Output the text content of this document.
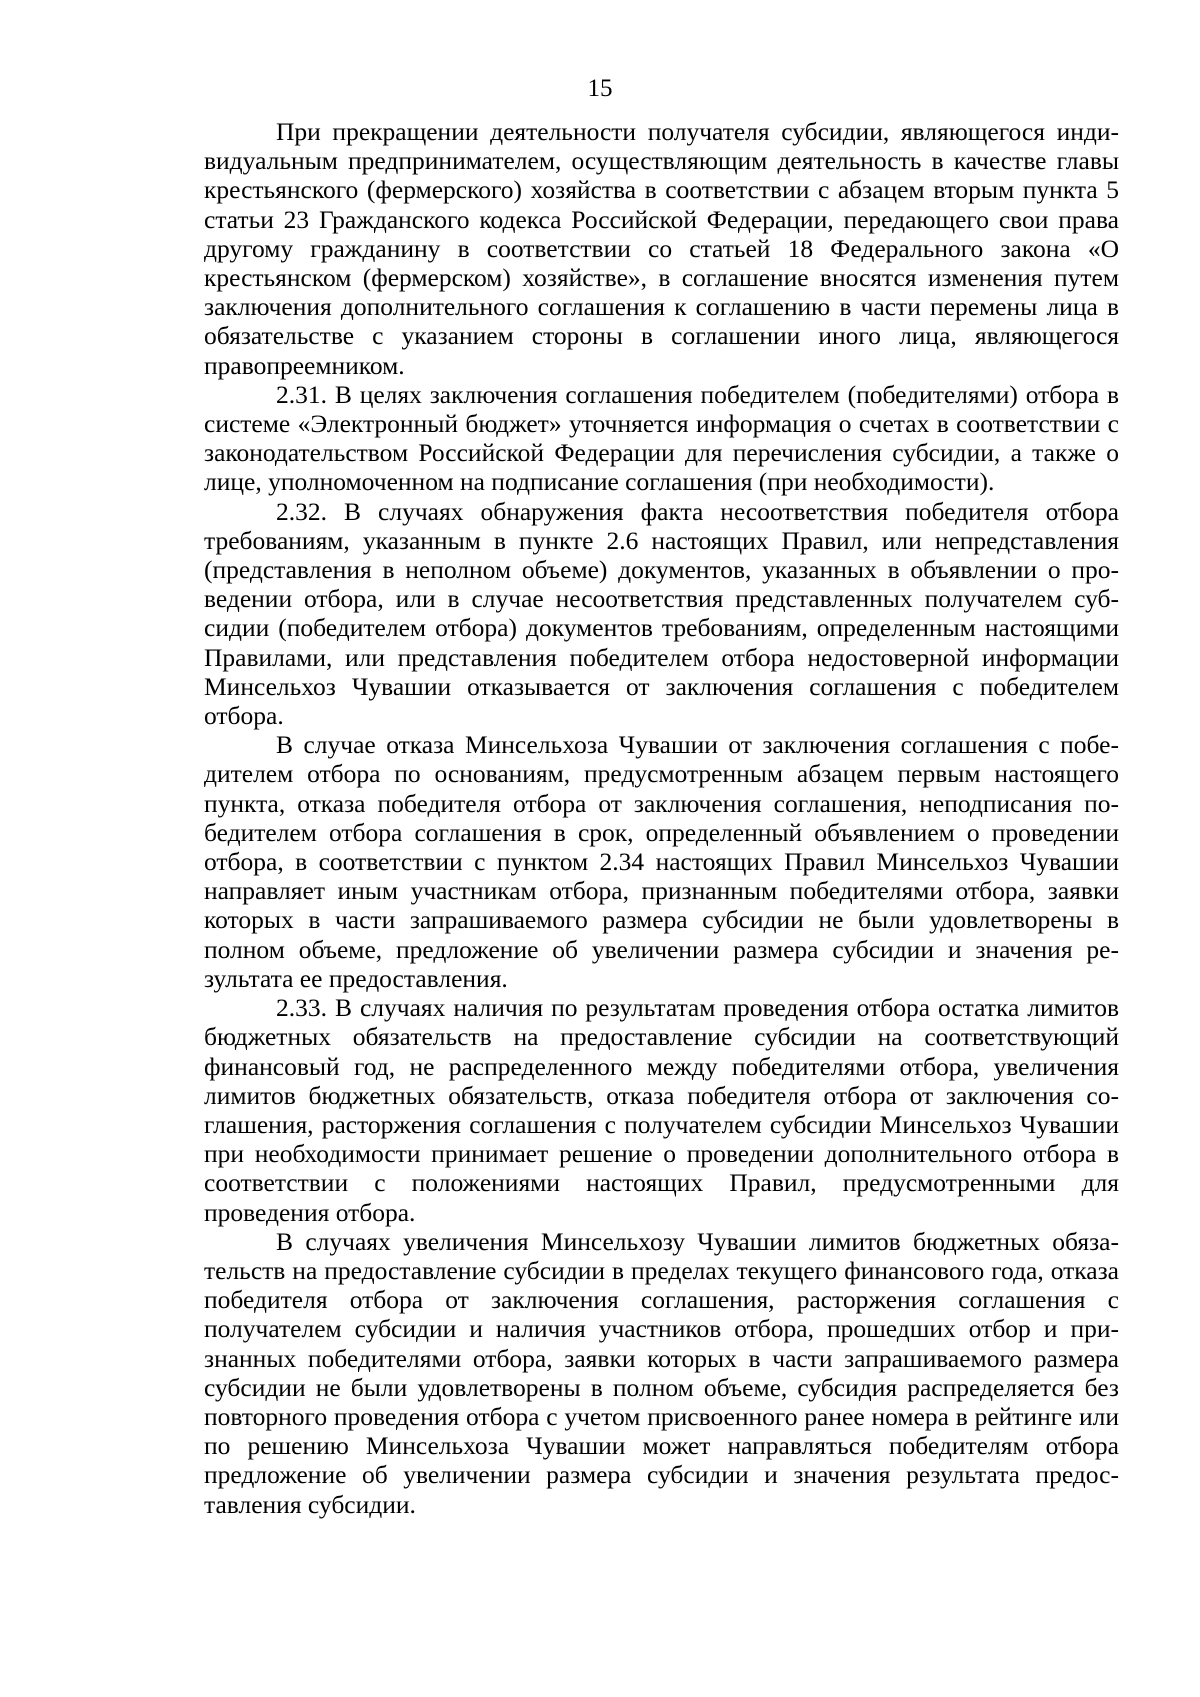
15

При прекращении деятельности получателя субсидии, являющегося индивидуальным предпринимателем, осуществляющим деятельность в качестве главы крестьянского (фермерского) хозяйства в соответствии с абзацем вторым пункта 5 статьи 23 Гражданского кодекса Российской Федерации, передающего свои права другому гражданину в соответствии со статьей 18 Федерального закона «О крестьянском (фермерском) хозяйстве», в соглашение вносятся изменения путем заключения дополнительного соглашения к соглашению в части перемены лица в обязательстве с указанием стороны в соглашении иного лица, являющегося правопреемником.

2.31. В целях заключения соглашения победителем (победителями) отбора в системе «Электронный бюджет» уточняется информация о счетах в соответствии с законодательством Российской Федерации для перечисления субсидии, а также о лице, уполномоченном на подписание соглашения (при необходимости).

2.32. В случаях обнаружения факта несоответствия победителя отбора требованиям, указанным в пункте 2.6 настоящих Правил, или непредставления (представления в неполном объеме) документов, указанных в объявлении о проведении отбора, или в случае несоответствия представленных получателем субсидии (победителем отбора) документов требованиям, определенным настоящими Правилами, или представления победителем отбора недостоверной информации Минсельхоз Чувашии отказывается от заключения соглашения с победителем отбора.

В случае отказа Минсельхоза Чувашии от заключения соглашения с победителем отбора по основаниям, предусмотренным абзацем первым настоящего пункта, отказа победителя отбора от заключения соглашения, неподписания победителем отбора соглашения в срок, определенный объявлением о проведении отбора, в соответствии с пунктом 2.34 настоящих Правил Минсельхоз Чувашии направляет иным участникам отбора, признанным победителями отбора, заявки которых в части запрашиваемого размера субсидии не были удовлетворены в полном объеме, предложение об увеличении размера субсидии и значения результата ее предоставления.

2.33. В случаях наличия по результатам проведения отбора остатка лимитов бюджетных обязательств на предоставление субсидии на соответствующий финансовый год, не распределенного между победителями отбора, увеличения лимитов бюджетных обязательств, отказа победителя отбора от заключения соглашения, расторжения соглашения с получателем субсидии Минсельхоз Чувашии при необходимости принимает решение о проведении дополнительного отбора в соответствии с положениями настоящих Правил, предусмотренными для проведения отбора.

В случаях увеличения Минсельхозу Чувашии лимитов бюджетных обязательств на предоставление субсидии в пределах текущего финансового года, отказа победителя отбора от заключения соглашения, расторжения соглашения с получателем субсидии и наличия участников отбора, прошедших отбор и признанных победителями отбора, заявки которых в части запрашиваемого размера субсидии не были удовлетворены в полном объеме, субсидия распределяется без повторного проведения отбора с учетом присвоенного ранее номера в рейтинге или по решению Минсельхоза Чувашии может направляться победителям отбора предложение об увеличении размера субсидии и значения результата предоставления субсидии.
